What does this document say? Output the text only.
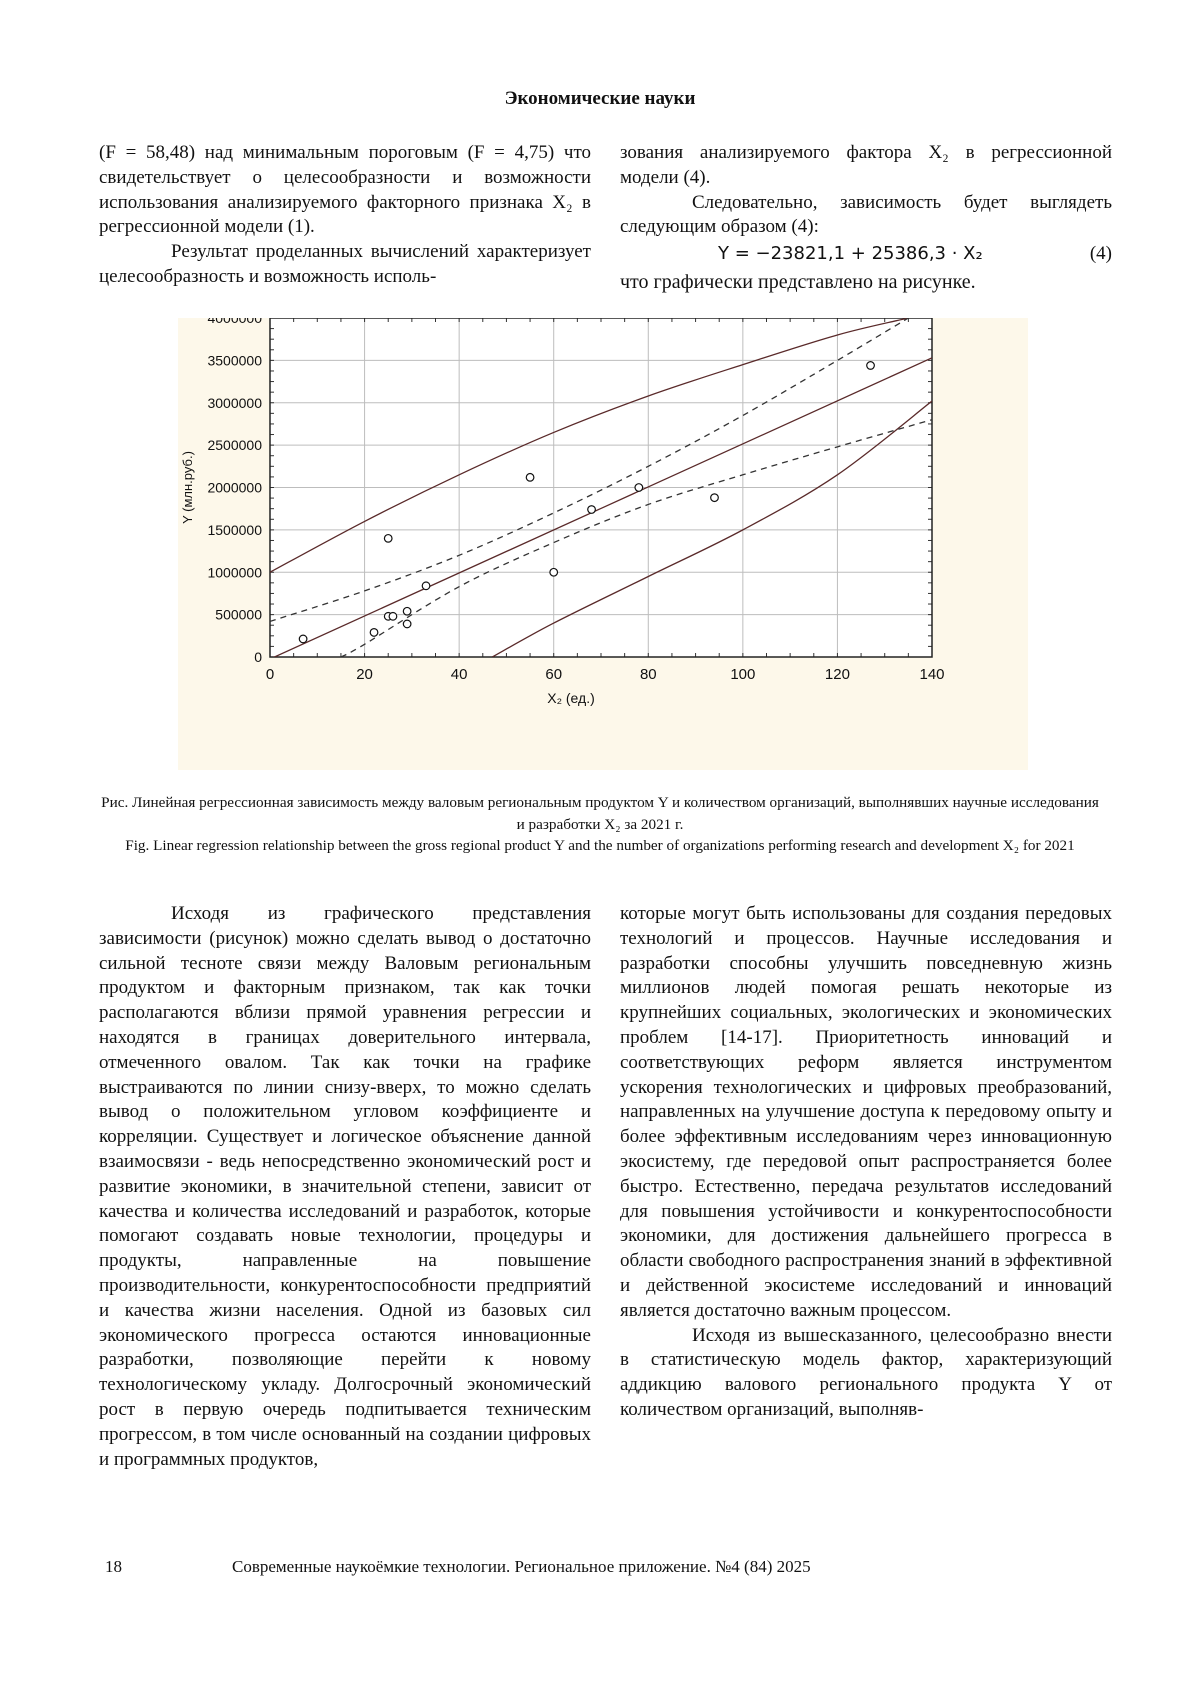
Экономические науки

(F = 58,48) над минимальным пороговым (F = 4,75) что свидетельствует о целесообразности и возможности использования анализируемого факторного признака X₂ в регрессионной модели (1).

Результат проделанных вычислений характеризует целесообразность и возможность исполь-

зования анализируемого фактора X₂ в регрессионной модели (4).

Следовательно, зависимость будет выглядеть следующим образом (4):

Y = −23821,1 + 25386,3 · X₂	(4)

что графически представлено на рисунке.

0
500000
1000000
1500000
2000000
2500000
3000000
3500000
4000000
0	20	40	60	80	100	120	140
X₂ (ед.)
Y (млн.руб.)
Рис. Линейная регрессионная зависимость между валовым региональным продуктом Y и количеством организаций, выполнявших научные исследования и разработки X₂ за 2021 г.
Fig. Linear regression relationship between the gross regional product Y and the number of organizations performing research and development X₂ for 2021

Исходя из графического представления зависимости (рисунок) можно сделать вывод о достаточно сильной тесноте связи между Валовым региональным продуктом и факторным признаком, так как точки располагаются вблизи прямой уравнения регрессии и находятся в границах доверительного интервала, отмеченного овалом. Так как точки на графике выстраиваются по линии снизу-вверх, то можно сделать вывод о положительном угловом коэффициенте и корреляции. Существует и логическое объяснение данной взаимосвязи - ведь непосредственно экономический рост и развитие экономики, в значительной степени, зависит от качества и количества исследований и разработок, которые помогают создавать новые технологии, процедуры и продукты, направленные на повышение производительности, конкурентоспособности предприятий и качества жизни населения. Одной из базовых сил экономического прогресса остаются инновационные разработки, позволяющие перейти к новому технологическому укладу. Долгосрочный экономический рост в первую очередь подпитывается техническим прогрессом, в том числе основанный на создании цифровых и программных продуктов,

которые могут быть использованы для создания передовых технологий и процессов. Научные исследования и разработки способны улучшить повседневную жизнь миллионов людей помогая решать некоторые из крупнейших социальных, экологических и экономических проблем [14-17]. Приоритетность инноваций и соответствующих реформ является инструментом ускорения технологических и цифровых преобразований, направленных на улучшение доступа к передовому опыту и более эффективным исследованиям через инновационную экосистему, где передовой опыт распространяется более быстро. Естественно, передача результатов исследований для повышения устойчивости и конкурентоспособности экономики, для достижения дальнейшего прогресса в области свободного распространения знаний в эффективной и действенной экосистеме исследований и инноваций является достаточно важным процессом.

Исходя из вышесказанного, целесообразно внести в статистическую модель фактор, характеризующий аддикцию валового регионального продукта Y от количеством организаций, выполняв-

18	Современные наукоёмкие технологии. Региональное приложение. №4 (84) 2025
